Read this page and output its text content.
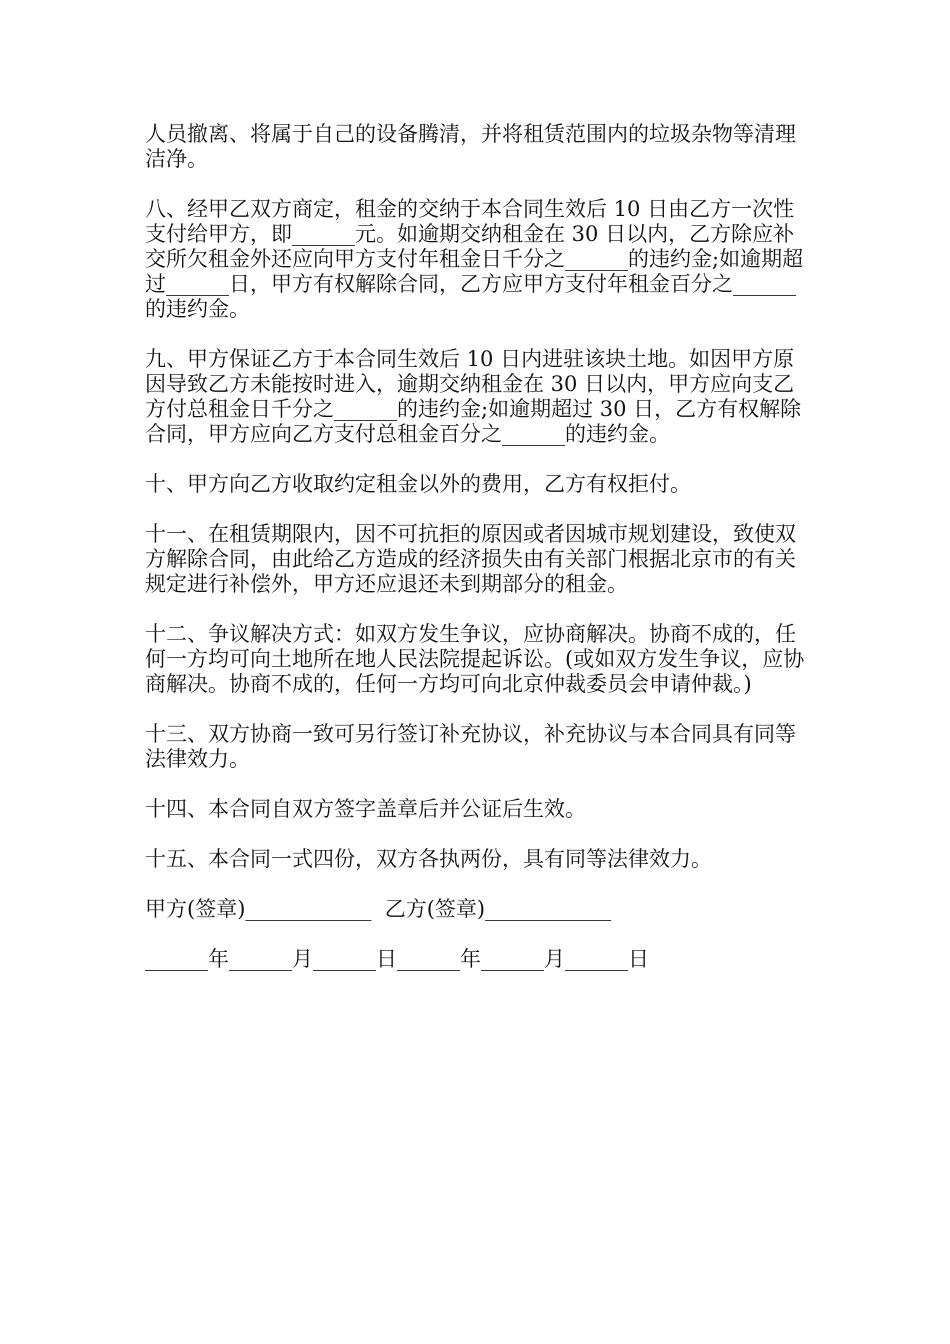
人员撤离、将属于自己的设备腾清，并将租赁范围内的垃圾杂物等清理洁净。

八、经甲乙双方商定，租金的交纳于本合同生效后 10 日由乙方一次性支付给甲方，即______元。如逾期交纳租金在 30 日以内，乙方除应补交所欠租金外还应向甲方支付年租金日千分之______的违约金;如逾期超过______日，甲方有权解除合同，乙方应甲方支付年租金百分之______的违约金。

九、甲方保证乙方于本合同生效后 10 日内进驻该块土地。如因甲方原因导致乙方未能按时进入，逾期交纳租金在 30 日以内，甲方应向支乙方付总租金日千分之______的违约金;如逾期超过 30 日，乙方有权解除合同，甲方应向乙方支付总租金百分之______的违约金。

十、甲方向乙方收取约定租金以外的费用，乙方有权拒付。

十一、在租赁期限内，因不可抗拒的原因或者因城市规划建设，致使双方解除合同，由此给乙方造成的经济损失由有关部门根据北京市的有关规定进行补偿外，甲方还应退还未到期部分的租金。

十二、争议解决方式：如双方发生争议，应协商解决。协商不成的，任何一方均可向土地所在地人民法院提起诉讼。(或如双方发生争议，应协商解决。协商不成的，任何一方均可向北京仲裁委员会申请仲裁。)

十三、双方协商一致可另行签订补充协议，补充协议与本合同具有同等法律效力。

十四、本合同自双方签字盖章后并公证后生效。

十五、本合同一式四份，双方各执两份，具有同等法律效力。

甲方(签章)____________  乙方(签章)____________

______年______月______日______年______月______日
